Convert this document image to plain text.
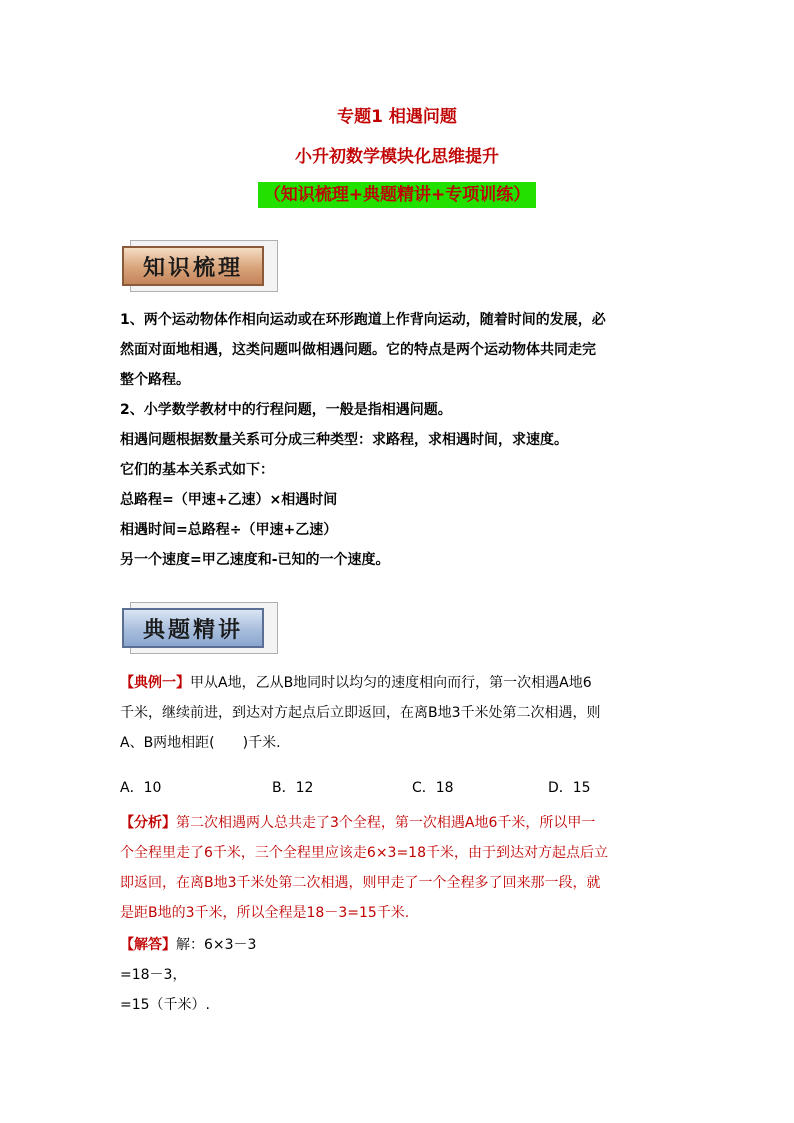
专题1 相遇问题
小升初数学模块化思维提升
（知识梳理+典题精讲+专项训练）
知识梳理
1、两个运动物体作相向运动或在环形跑道上作背向运动，随着时间的发展，必
然面对面地相遇，这类问题叫做相遇问题。它的特点是两个运动物体共同走完
整个路程。
2、小学数学教材中的行程问题，一般是指相遇问题。
相遇问题根据数量关系可分成三种类型：求路程，求相遇时间，求速度。
它们的基本关系式如下：
总路程=（甲速+乙速）×相遇时间
相遇时间=总路程÷（甲速+乙速）
另一个速度=甲乙速度和-已知的一个速度。
典题精讲
【典例一】甲从A地，乙从B地同时以均匀的速度相向而行，第一次相遇A地6
千米，继续前进，到达对方起点后立即返回，在离B地3千米处第二次相遇，则
A、B两地相距(　　)千米.
A．10	B．12	C．18	D．15
【分析】第二次相遇两人总共走了3个全程，第一次相遇A地6千米，所以甲一
个全程里走了6千米，三个全程里应该走6×3=18千米，由于到达对方起点后立
即返回，在离B地3千米处第二次相遇，则甲走了一个全程多了回来那一段，就
是距B地的3千米，所以全程是18－3=15千米.
【解答】解：6×3－3
=18－3，
=15（千米）.
